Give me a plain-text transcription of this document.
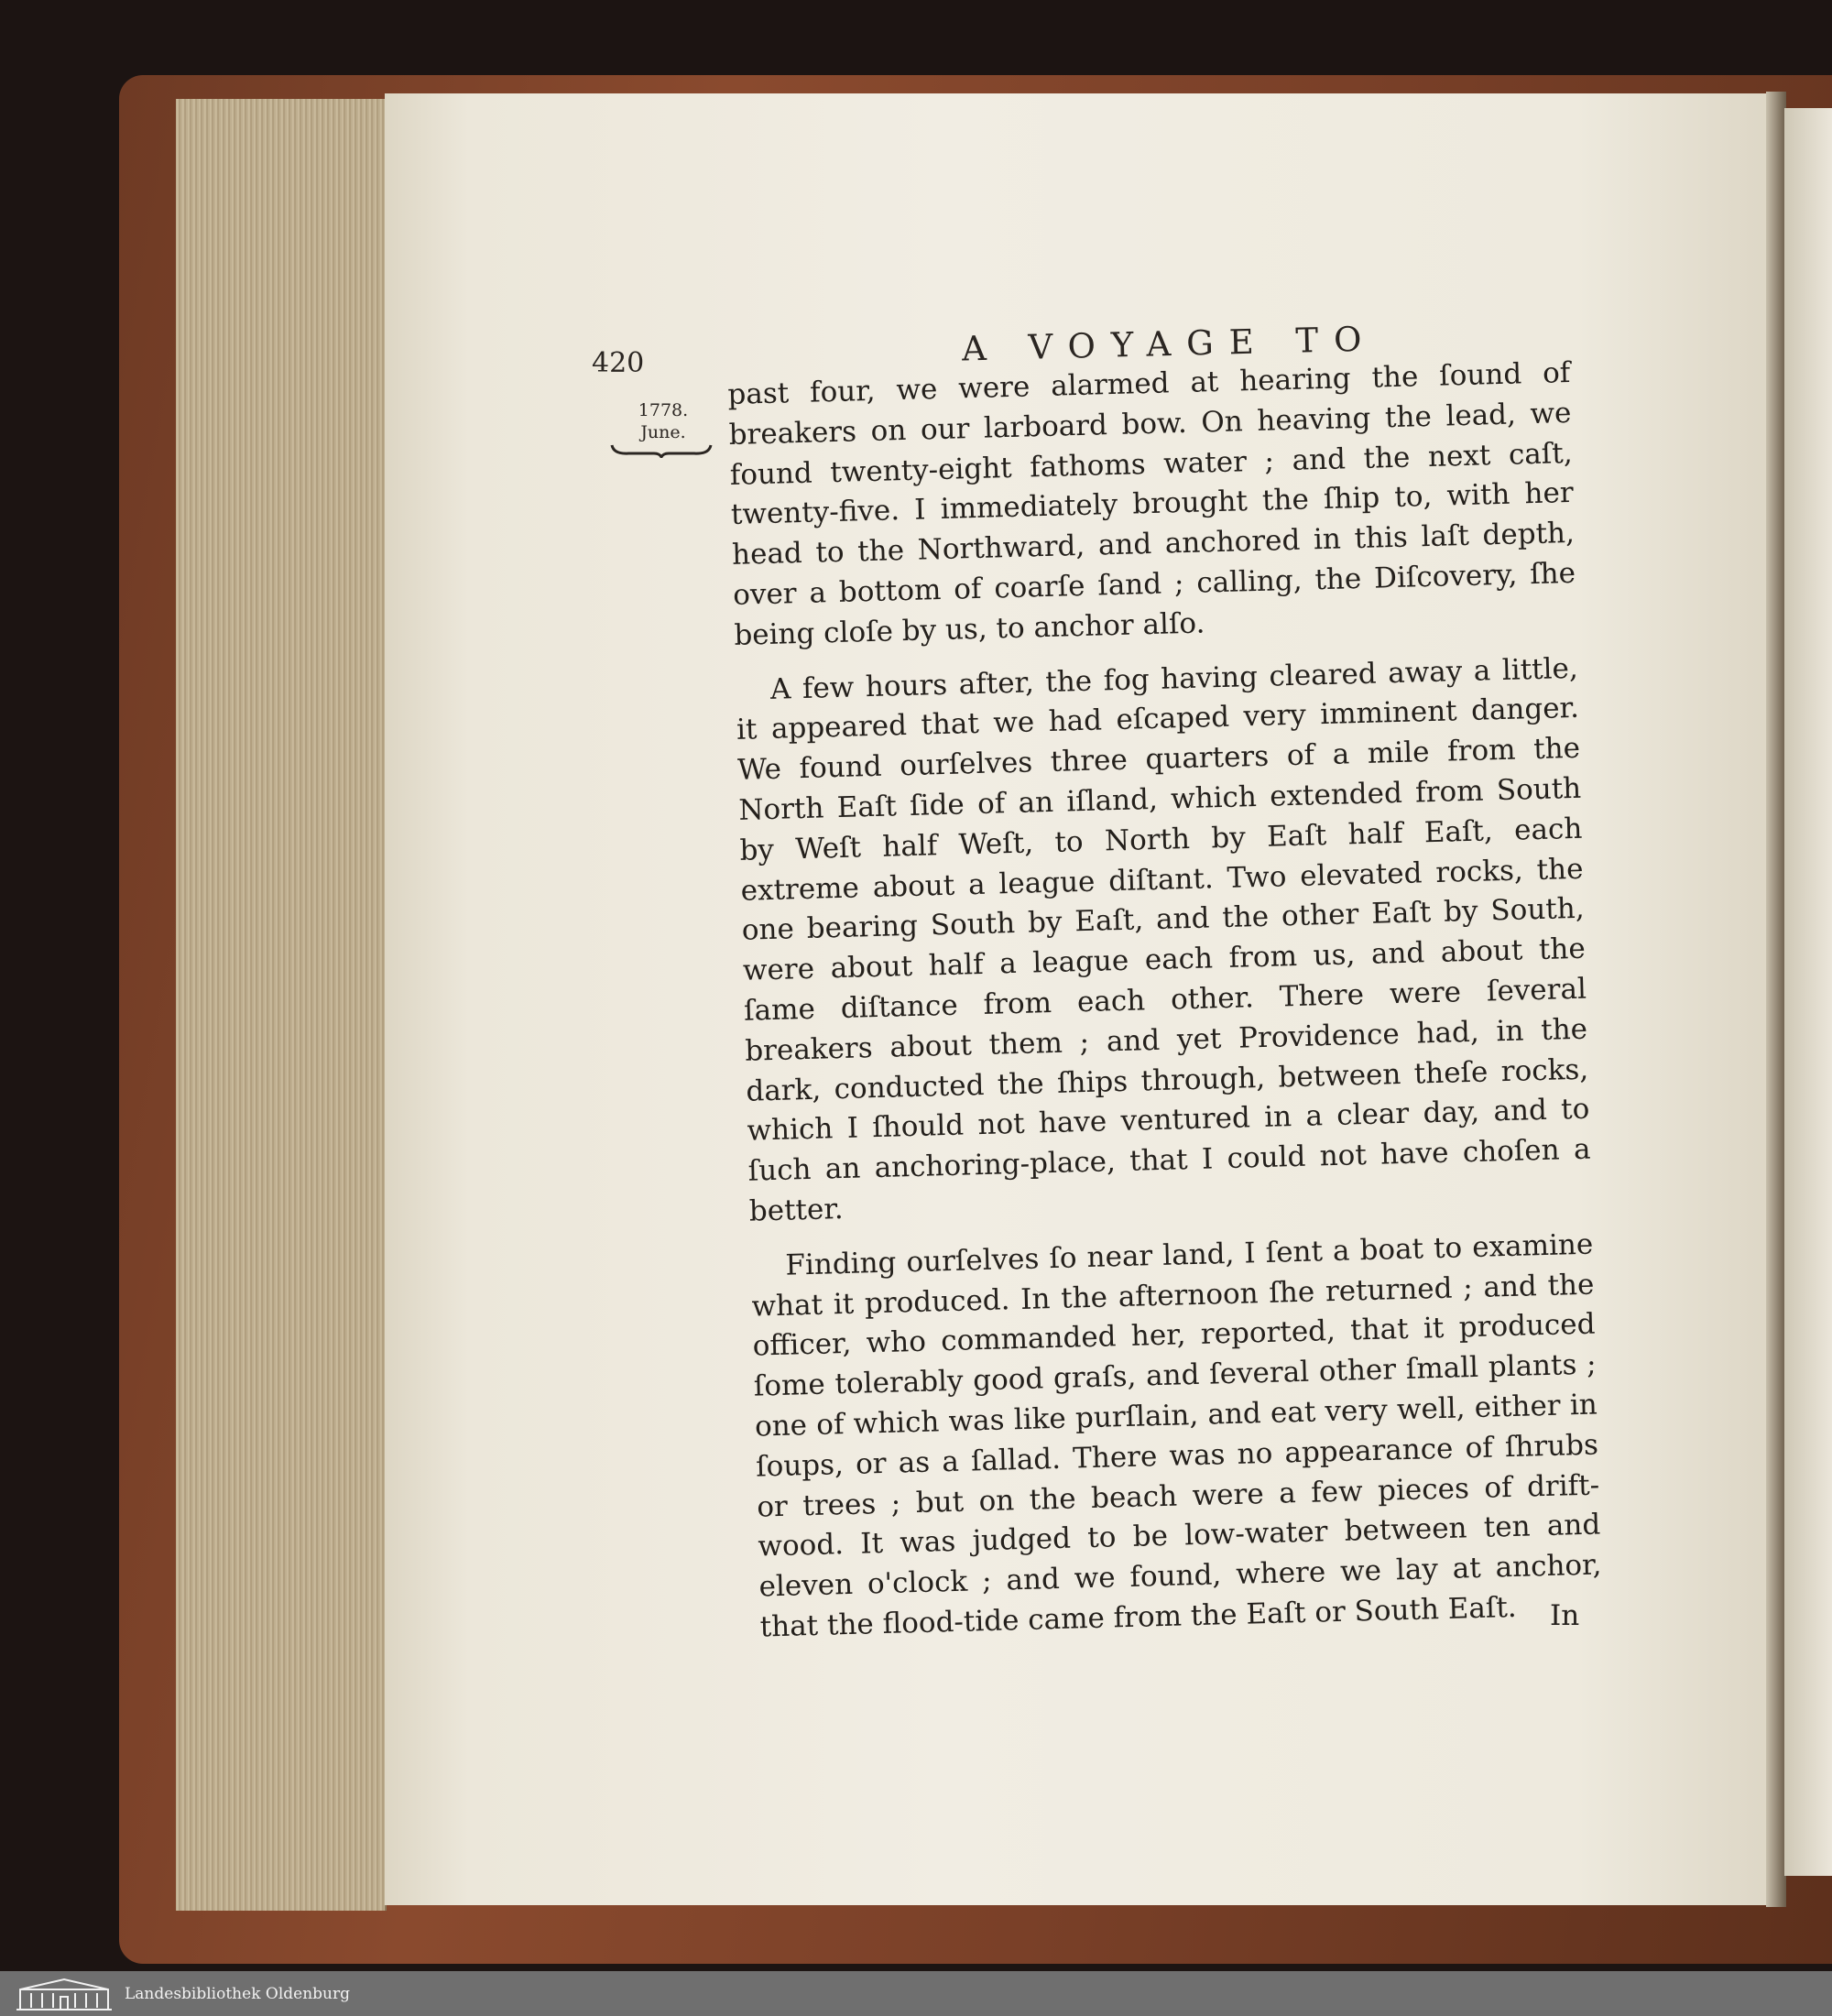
420	A VOYAGE TO
1778.
June.

past four, we were alarmed at hearing the ſound of breakers on our larboard bow. On heaving the lead, we found twenty-eight fathoms water ; and the next caſt, twenty-five. I immediately brought the ſhip to, with her head to the Northward, and anchored in this laſt depth, over a bottom of coarſe ſand ; calling, the Diſcovery, ſhe being cloſe by us, to anchor alſo.

A few hours after, the fog having cleared away a little, it appeared that we had eſcaped very imminent danger. We found ourſelves three quarters of a mile from the North Eaſt ſide of an iſland, which extended from South by Weſt half Weſt, to North by Eaſt half Eaſt, each extreme about a league diſtant. Two elevated rocks, the one bearing South by Eaſt, and the other Eaſt by South, were about half a league each from us, and about the ſame diſtance from each other. There were ſeveral breakers about them ; and yet Providence had, in the dark, conducted the ſhips through, between theſe rocks, which I ſhould not have ventured in a clear day, and to ſuch an anchoring-place, that I could not have choſen a better.

Finding ourſelves ſo near land, I ſent a boat to examine what it produced. In the afternoon ſhe returned ; and the officer, who commanded her, reported, that it produced ſome tolerably good graſs, and ſeveral other ſmall plants ; one of which was like purſlain, and eat very well, either in ſoups, or as a ſallad. There was no appearance of ſhrubs or trees ; but on the beach were a few pieces of drift-wood. It was judged to be low-water between ten and eleven o'clock ; and we found, where we lay at anchor, that the flood-tide came from the Eaſt or South Eaſt.	In
Landesbibliothek Oldenburg
